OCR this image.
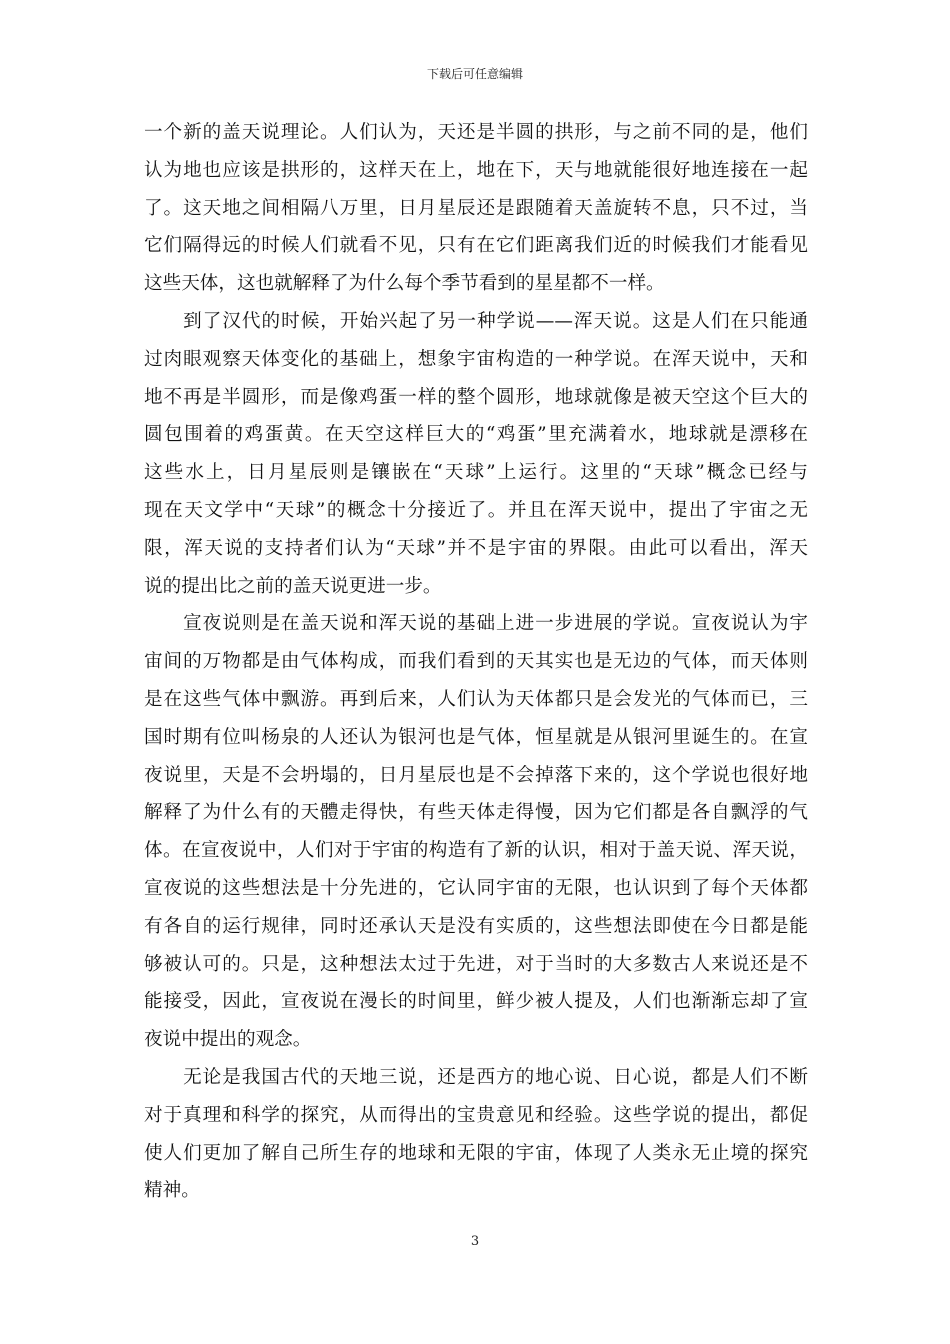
下载后可任意编辑
一个新的盖天说理论。人们认为，天还是半圆的拱形，与之前不同的是，他们
认为地也应该是拱形的，这样天在上，地在下，天与地就能很好地连接在一起
了。这天地之间相隔八万里，日月星辰还是跟随着天盖旋转不息，只不过，当
它们隔得远的时候人们就看不见，只有在它们距离我们近的时候我们才能看见
这些天体，这也就解释了为什么每个季节看到的星星都不一样。
　　到了汉代的时候，开始兴起了另一种学说——浑天说。这是人们在只能通
过肉眼观察天体变化的基础上，想象宇宙构造的一种学说。在浑天说中，天和
地不再是半圆形，而是像鸡蛋一样的整个圆形，地球就像是被天空这个巨大的
圆包围着的鸡蛋黄。在天空这样巨大的“鸡蛋”里充满着水，地球就是漂移在
这些水上，日月星辰则是镶嵌在“天球”上运行。这里的“天球”概念已经与
现在天文学中“天球”的概念十分接近了。并且在浑天说中，提出了宇宙之无
限，浑天说的支持者们认为“天球”并不是宇宙的界限。由此可以看出，浑天
说的提出比之前的盖天说更进一步。
　　宣夜说则是在盖天说和浑天说的基础上进一步进展的学说。宣夜说认为宇
宙间的万物都是由气体构成，而我们看到的天其实也是无边的气体，而天体则
是在这些气体中飘游。再到后来，人们认为天体都只是会发光的气体而已，三
国时期有位叫杨泉的人还认为银河也是气体，恒星就是从银河里诞生的。在宣
夜说里，天是不会坍塌的，日月星辰也是不会掉落下来的，这个学说也很好地
解释了为什么有的天體走得快，有些天体走得慢，因为它们都是各自飘浮的气
体。在宣夜说中，人们对于宇宙的构造有了新的认识，相对于盖天说、浑天说，
宣夜说的这些想法是十分先进的，它认同宇宙的无限，也认识到了每个天体都
有各自的运行规律，同时还承认天是没有实质的，这些想法即使在今日都是能
够被认可的。只是，这种想法太过于先进，对于当时的大多数古人来说还是不
能接受，因此，宣夜说在漫长的时间里，鲜少被人提及，人们也渐渐忘却了宣
夜说中提出的观念。
　　无论是我国古代的天地三说，还是西方的地心说、日心说，都是人们不断
对于真理和科学的探究，从而得出的宝贵意见和经验。这些学说的提出，都促
使人们更加了解自己所生存的地球和无限的宇宙，体现了人类永无止境的探究
精神。
3
